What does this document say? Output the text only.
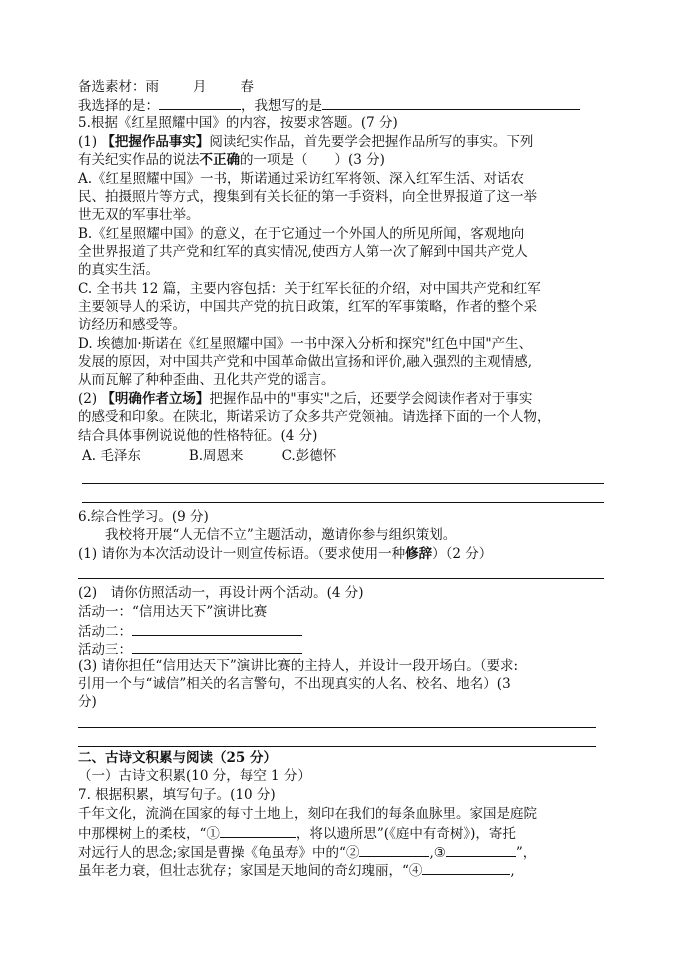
备选素材：雨	月	春
我选择的是：	，我想写的是
5.根据《红星照耀中国》的内容，按要求答题。(7 分)
(1) 【把握作品事实】阅读纪实作品，首先要学会把握作品所写的事实。下列
有关纪实作品的说法不正确的一项是（　　）(3 分)
A.《红星照耀中国》一书，斯诺通过采访红军将领、深入红军生活、对话农
民、拍摄照片等方式，搜集到有关长征的第一手资料，向全世界报道了这一举
世无双的军事壮举。
B.《红星照耀中国》的意义，在于它通过一个外国人的所见所闻，客观地向
全世界报道了共产党和红军的真实情况,使西方人第一次了解到中国共产党人
的真实生活。
C. 全书共 12 篇，主要内容包括：关于红军长征的介绍，对中国共产党和红军
主要领导人的采访，中国共产党的抗日政策，红军的军事策略，作者的整个采
访经历和感受等。
D. 埃德加·斯诺在《红星照耀中国》一书中深入分析和探究"红色中国"产生、
发展的原因，对中国共产党和中国革命做出宣扬和评价,融入强烈的主观情感,
从而瓦解了种种歪曲、丑化共产党的谣言。
(2) 【明确作者立场】把握作品中的"事实"之后，还要学会阅读作者对于事实
的感受和印象。在陕北，斯诺采访了众多共产党领袖。请选择下面的一个人物，
结合具体事例说说他的性格特征。(4 分)
A. 毛泽东	B.周恩来	C.彭德怀
6.综合性学习。(9 分)
我校将开展“人无信不立”主题活动，邀请你参与组织策划。
(1) 请你为本次活动设计一则宣传标语。（要求使用一种修辞）（2 分）
(2)　请你仿照活动一，再设计两个活动。(4 分)
活动一：“信用达天下”演讲比赛
活动二：
活动三：
(3) 请你担任“信用达天下”演讲比赛的主持人，并设计一段开场白。（要求:
引用一个与“诚信”相关的名言警句，不出现真实的人名、校名、地名）(3
分)
二、古诗文积累与阅读（25 分）
（一）古诗文积累(10 分，每空 1 分）
7. 根据积累，填写句子。(10 分)
千年文化，流淌在国家的每寸土地上，刻印在我们的每条血脉里。家国是庭院
中那棵树上的柔枝，“①	，将以遗所思”(《庭中有奇树》)，寄托
对远行人的思念;家国是曹操《龟虽寿》中的“②	,③	”，
虽年老力衰，但壮志犹存；家国是天地间的奇幻瑰丽，“④	,
